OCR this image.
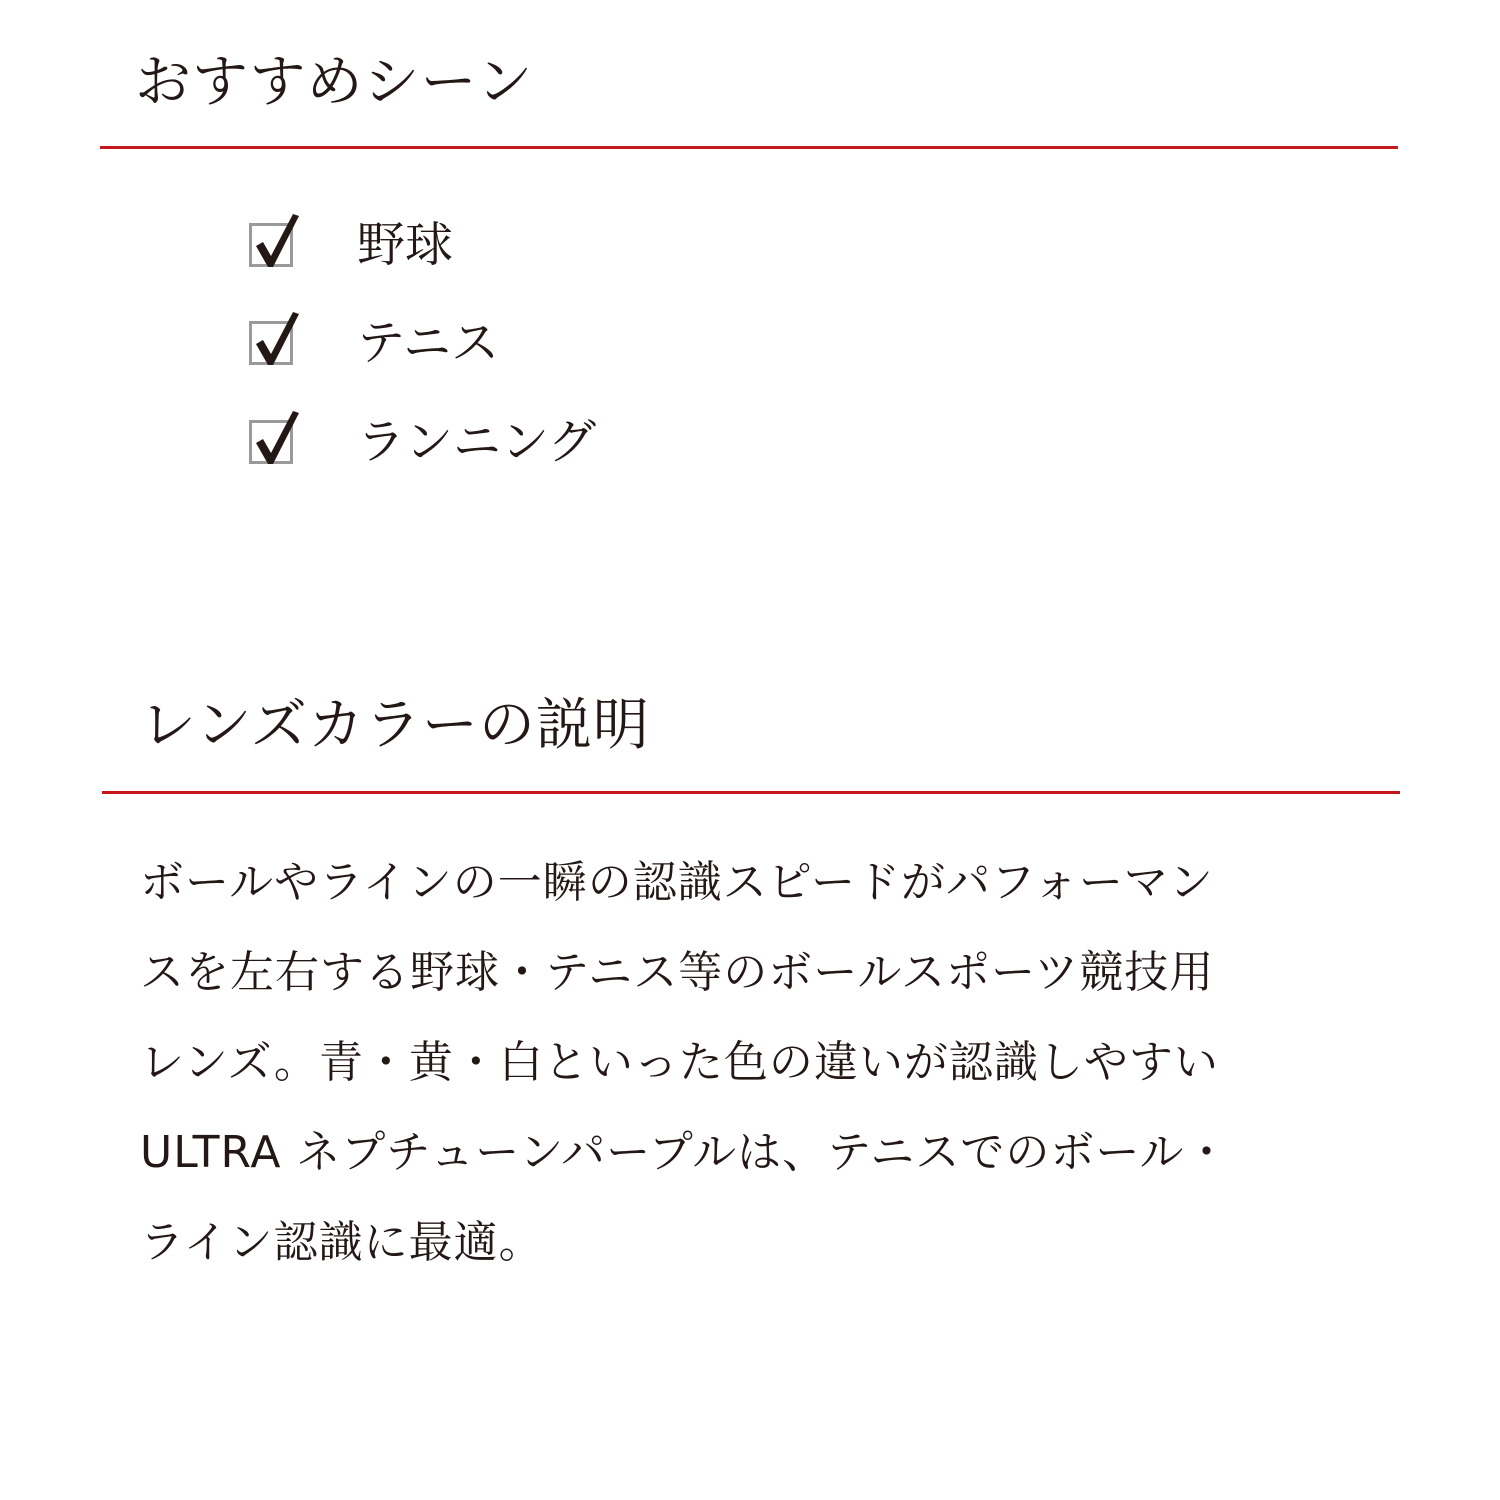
おすすめシーン
野球
テニス
ランニング
レンズカラーの説明

ボールやラインの一瞬の認識スピードがパフォーマン
スを左右する野球・テニス等のボールスポーツ競技用
レンズ。青・黄・白といった色の違いが認識しやすい
ULTRA ネプチューンパープルは、テニスでのボール・
ライン認識に最適。
